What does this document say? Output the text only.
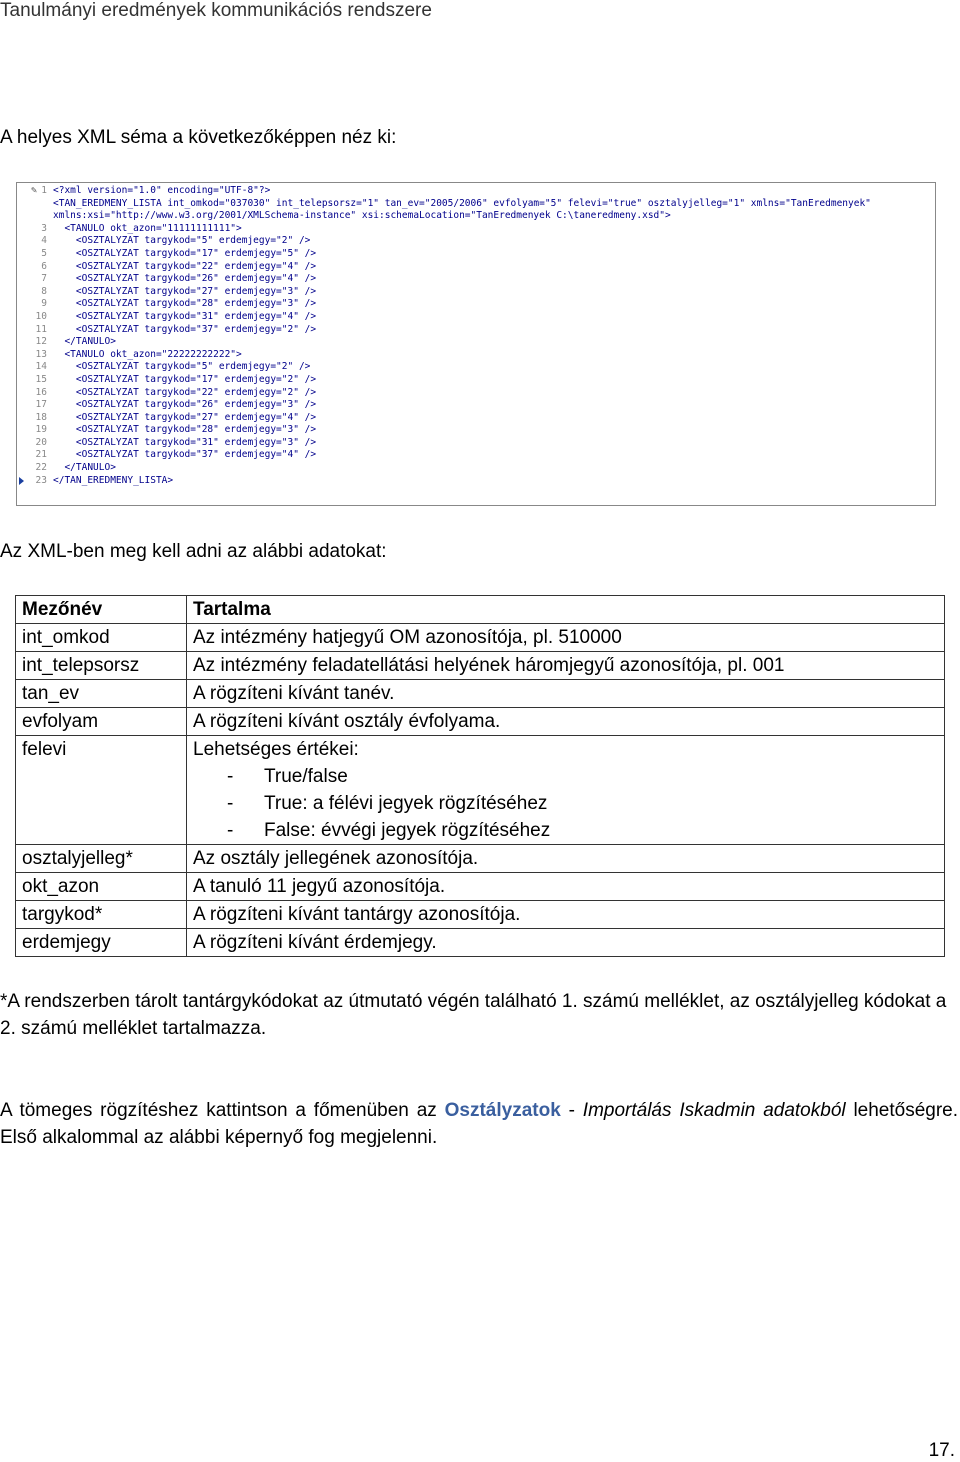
Tanulmányi eredmények kommunikációs rendszere
A helyes XML séma a következőképpen néz ki:
✎ 1 <?xml version="1.0" encoding="UTF-8"?>
<TAN_EREDMENY_LISTA int_omkod="037030" int_telepsorsz="1" tan_ev="2005/2006" evfolyam="5" felevi="true" osztalyjelleg="1" xmlns="TanEredmenyek"
xmlns:xsi="http://www.w3.org/2001/XMLSchema-instance" xsi:schemaLocation="TanEredmenyek C:\taneredmeny.xsd">
3 <TANULO okt_azon="11111111111">
4 <OSZTALYZAT targykod="5" erdemjegy="2" />
5 <OSZTALYZAT targykod="17" erdemjegy="5" />
6 <OSZTALYZAT targykod="22" erdemjegy="4" />
7 <OSZTALYZAT targykod="26" erdemjegy="4" />
8 <OSZTALYZAT targykod="27" erdemjegy="3" />
9 <OSZTALYZAT targykod="28" erdemjegy="3" />
10 <OSZTALYZAT targykod="31" erdemjegy="4" />
11 <OSZTALYZAT targykod="37" erdemjegy="2" />
12 </TANULO>
13 <TANULO okt_azon="22222222222">
14 <OSZTALYZAT targykod="5" erdemjegy="2" />
15 <OSZTALYZAT targykod="17" erdemjegy="2" />
16 <OSZTALYZAT targykod="22" erdemjegy="2" />
17 <OSZTALYZAT targykod="26" erdemjegy="3" />
18 <OSZTALYZAT targykod="27" erdemjegy="4" />
19 <OSZTALYZAT targykod="28" erdemjegy="3" />
20 <OSZTALYZAT targykod="31" erdemjegy="3" />
21 <OSZTALYZAT targykod="37" erdemjegy="4" />
22 </TANULO>
23 </TAN_EREDMENY_LISTA>
Az XML-ben meg kell adni az alábbi adatokat:
Mezőnév	Tartalma
int_omkod	Az intézmény hatjegyű OM azonosítója, pl. 510000

int_telepsorsz	Az intézmény feladatellátási helyének háromjegyű azonosítója, pl. 001

tan_ev	A rögzíteni kívánt tanév.

evfolyam	A rögzíteni kívánt osztály évfolyama.

felevi	Lehetséges értékei:
- True/false
- True: a félévi jegyek rögzítéséhez
- False: évvégi jegyek rögzítéséhez

osztalyjelleg*	Az osztály jellegének azonosítója.

okt_azon	A tanuló 11 jegyű azonosítója.

targykod*	A rögzíteni kívánt tantárgy azonosítója.

erdemjegy	A rögzíteni kívánt érdemjegy.
*A rendszerben tárolt tantárgykódokat az útmutató végén található 1. számú melléklet, az osztályjelleg kódokat a 2. számú melléklet tartalmazza.
A tömeges rögzítéshez kattintson a főmenüben az Osztályzatok - Importálás Iskadmin adatokból lehetőségre. Első alkalommal az alábbi képernyő fog megjelenni.
17.
